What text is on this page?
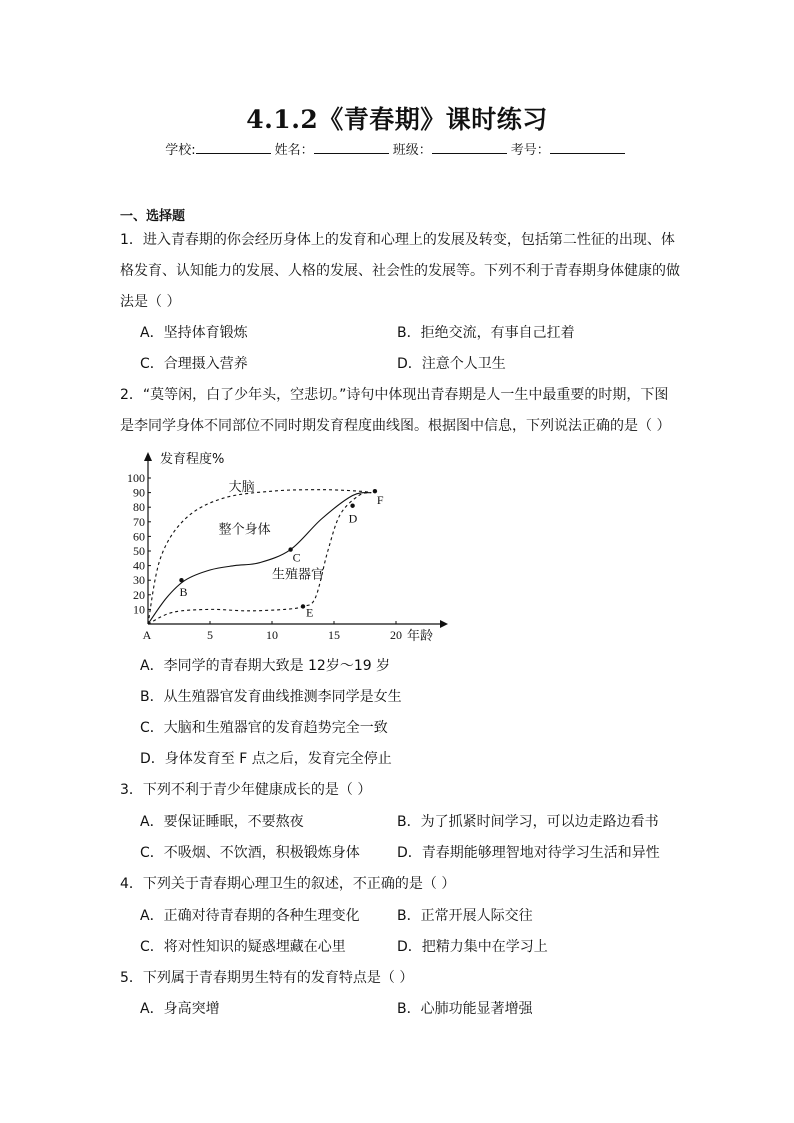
4.1.2《青春期》课时练习
学校:	姓名：	班级：	考号：
一、选择题
1．进入青春期的你会经历身体上的发育和心理上的发展及转变，包括第二性征的出现、体
格发育、认知能力的发展、人格的发展、社会性的发展等。下列不利于青春期身体健康的做
法是（ ）
A．坚持体育锻炼	B．拒绝交流，有事自己扛着
C．合理摄入营养	D．注意个人卫生
2．“莫等闲，白了少年头，空悲切。”诗句中体现出青春期是人一生中最重要的时期，下图
是李同学身体不同部位不同时期发育程度曲线图。根据图中信息，下列说法正确的是（ ）
10
20
30
40
50
60
70
80
90
100
5	10	15	20
发育程度%
年龄
A
大脑
整个身体
生殖器官
B
C
D
E
F
A．李同学的青春期大致是 12岁～19 岁
B．从生殖器官发育曲线推测李同学是女生
C．大脑和生殖器官的发育趋势完全一致
D．身体发育至 F 点之后，发育完全停止
3．下列不利于青少年健康成长的是（ ）
A．要保证睡眠，不要熬夜	B．为了抓紧时间学习，可以边走路边看书
C．不吸烟、不饮酒，积极锻炼身体	D．青春期能够理智地对待学习生活和异性
4．下列关于青春期心理卫生的叙述，不正确的是（ ）
A．正确对待青春期的各种生理变化	B．正常开展人际交往
C．将对性知识的疑惑埋藏在心里	D．把精力集中在学习上
5．下列属于青春期男生特有的发育特点是（ ）
A．身高突增	B．心肺功能显著增强
